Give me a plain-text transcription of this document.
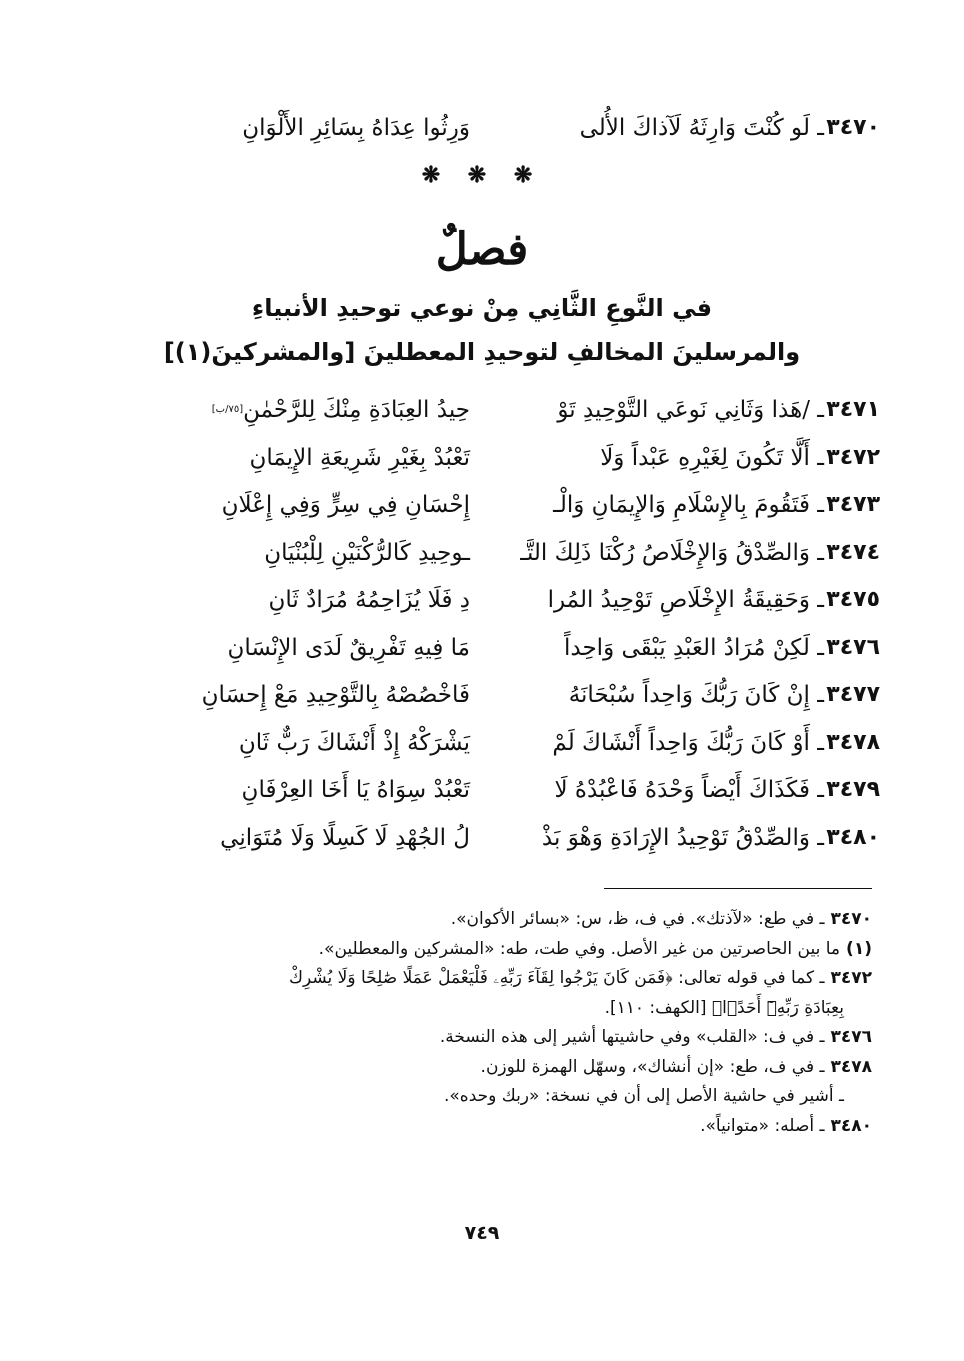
٣٤٧٠
ـ لَو كُنْتَ وَارِثَهُ لَآذاكَ الأُلى
وَرِثُوا عِدَاهُ بِسَائِرِ الأَلْوَانِ
❋ ❋ ❋
فصلٌ
في النَّوعِ الثَّانِي مِنْ نوعي توحيدِ الأنبياءِ
والمرسلينَ المخالفِ لتوحيدِ المعطلينَ [والمشركينَ(١)]
٣٤٧١
ـ /هَذا وَثَانِي نَوعَي التَّوْحِيدِ تَوْ
حِيدُ العِبَادَةِ مِنْكَ لِلرَّحْمٰنِ[٧٥/ب]
٣٤٧٢
ـ أَلَّا تَكُونَ لِغَيْرِهِ عَبْداً وَلَا
تَعْبُدْ بِغَيْرِ شَرِيعَةِ الإِيمَانِ
٣٤٧٣
ـ فَتَقُومَ بِالإِسْلَامِ وَالإِيمَانِ وَالْـ
إِحْسَانِ فِي سِرٍّ وَفِي إِعْلَانِ
٣٤٧٤
ـ وَالصِّدْقُ وَالإِخْلَاصُ رُكْنَا ذَلِكَ التَّـ
ـوحِيدِ كَالرُّكْنَيْنِ لِلْبُنْيَانِ
٣٤٧٥
ـ وَحَقِيقَةُ الإِخْلَاصِ تَوْحِيدُ المُرا
دِ فَلَا يُزَاحِمُهُ مُرَادٌ ثَانِ
٣٤٧٦
ـ لَكِنْ مُرَادُ العَبْدِ يَبْقَى وَاحِداً
مَا فِيهِ تَفْرِيقٌ لَدَى الإِنْسَانِ
٣٤٧٧
ـ إِنْ كَانَ رَبُّكَ وَاحِداً سُبْحَانَهُ
فَاخْصُصْهُ بِالتَّوْحِيدِ مَعْ إِحسَانِ
٣٤٧٨
ـ أَوْ كَانَ رَبُّكَ وَاحِداً أَنْشَاكَ لَمْ
يَشْرَكْهُ إِذْ أَنْشَاكَ رَبٌّ ثَانِ
٣٤٧٩
ـ فَكَذَاكَ أَيْضاً وَحْدَهُ فَاعْبُدْهُ لَا
تَعْبُدْ سِوَاهُ يَا أَخَا العِرْفَانِ
٣٤٨٠
ـ وَالصِّدْقُ تَوْحِيدُ الإِرَادَةِ وَهْوَ بَذْ
لُ الجُهْدِ لَا كَسِلًا وَلَا مُتَوَانِي
٣٤٧٠ـ في طع: «لآذتك». في ف، ظ، س: «بسائر الأكوان».
(١)ما بين الحاصرتين من غير الأصل. وفي طت، طه: «المشركين والمعطلين».
٣٤٧٢ـ كما في قوله تعالى: ﴿فَمَن كَانَ يَرْجُوا لِقَآءَ رَبِّهِۦ فَلْيَعْمَلْ عَمَلًا صَٰلِحًا وَلَا يُشْرِكْ
بِعِبَادَةِ رَبِّهِۦٓ أَحَدًۢا﴾ [الكهف: ١١٠].
٣٤٧٦ـ في ف: «القلب» وفي حاشيتها أشير إلى هذه النسخة.
٣٤٧٨ـ في ف، طع: «إن أنشاك»، وسهّل الهمزة للوزن.
ـ أشير في حاشية الأصل إلى أن في نسخة: «ربك وحده».
٣٤٨٠ـ أصله: «متوانياً».
٧٤٩
